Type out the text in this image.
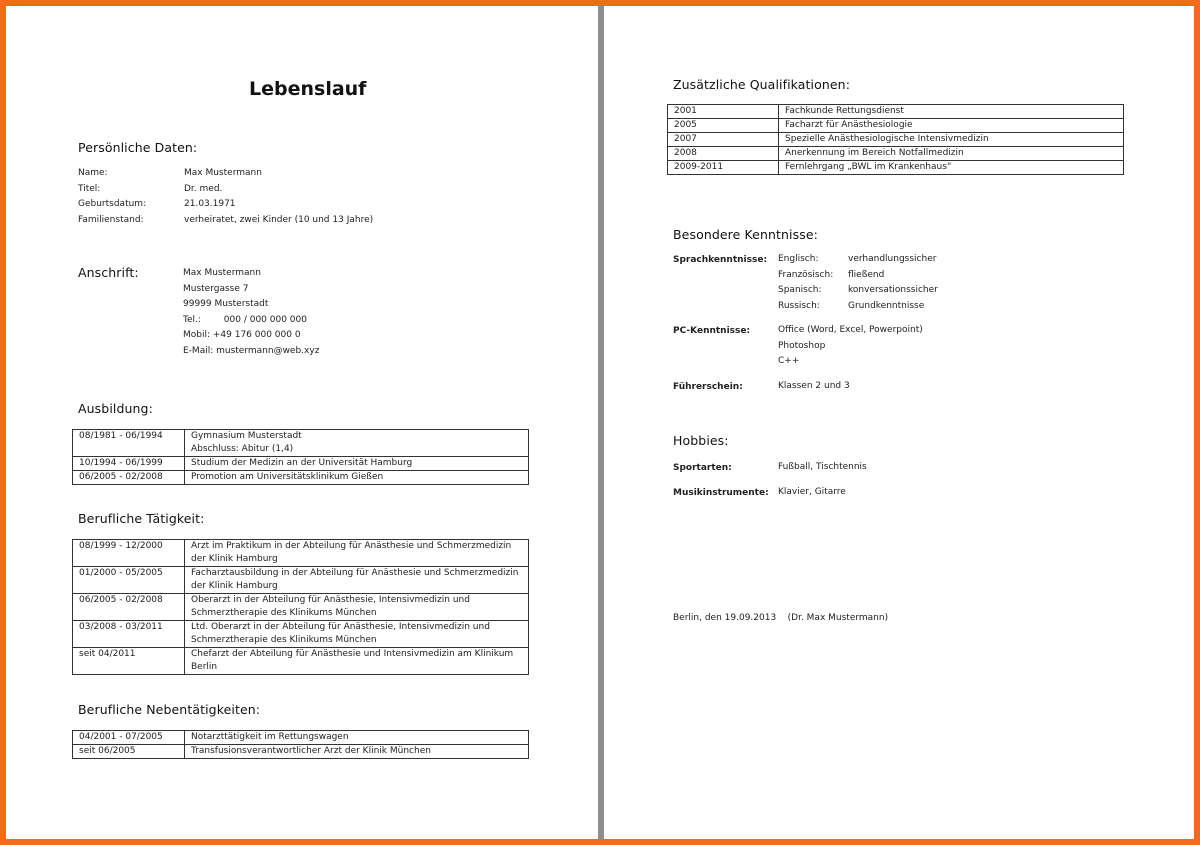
Lebenslauf
Persönliche Daten:
Name:	Max Mustermann
Titel:	Dr. med.
Geburtsdatum:	21.03.1971
Familienstand:	verheiratet, zwei Kinder (10 und 13 Jahre)
Anschrift:	Max Mustermann
Mustergasse 7
99999 Musterstadt
Tel.:        000 / 000 000 000
Mobil: +49 176 000 000 0
E-Mail: mustermann@web.xyz
Ausbildung:
08/1981 - 06/1994	Gymnasium Musterstadt
Abschluss: Abitur (1,4)

10/1994 - 06/1999	Studium der Medizin an der Universität Hamburg
06/2005 - 02/2008	Promotion am Universitätsklinikum Gießen
Berufliche Tätigkeit:
08/1999 - 12/2000	Arzt im Praktikum in der Abteilung für Anästhesie und Schmerzmedizin der Klinik Hamburg
01/2000 - 05/2005	Facharztausbildung in der Abteilung für Anästhesie und Schmerzmedizin der Klinik Hamburg
06/2005 - 02/2008	Oberarzt in der Abteilung für Anästhesie, Intensivmedizin und Schmerztherapie des Klinikums München
03/2008 - 03/2011	Ltd. Oberarzt in der Abteilung für Anästhesie, Intensivmedizin und Schmerztherapie des Klinikums München
seit 04/2011	Chefarzt der Abteilung für Anästhesie und Intensivmedizin am Klinikum Berlin
Berufliche Nebentätigkeiten:
04/2001 - 07/2005	Notarzttätigkeit im Rettungswagen
seit 06/2005	Transfusionsverantwortlicher Arzt der Klinik München
Zusätzliche Qualifikationen:
2001	Fachkunde Rettungsdienst
2005	Facharzt für Anästhesiologie
2007	Spezielle Anästhesiologische Intensivmedizin
2008	Anerkennung im Bereich Notfallmedizin
2009-2011	Fernlehrgang „BWL im Krankenhaus“
Besondere Kenntnisse:
Sprachkenntnisse: Englisch:	verhandlungssicher
Französisch:	fließend
Spanisch:	konversationssicher
Russisch:	Grundkenntnisse
PC-Kenntnisse:	Office (Word, Excel, Powerpoint)
Photoshop
C++
Führerschein:	Klassen 2 und 3
Hobbies:
Sportarten:	Fußball, Tischtennis
Musikinstrumente: Klavier, Gitarre
Berlin, den 19.09.2013    (Dr. Max Mustermann)
